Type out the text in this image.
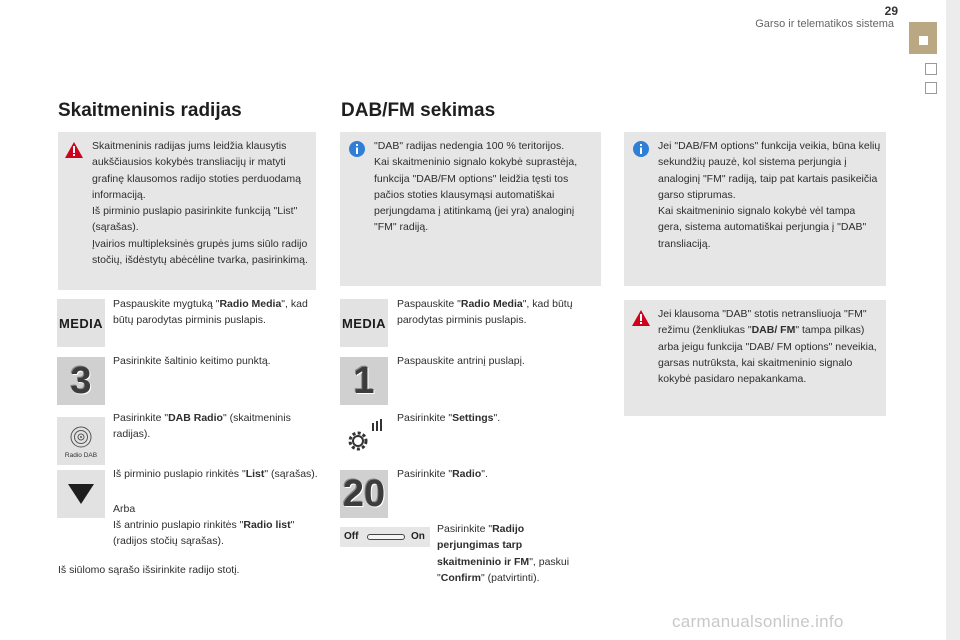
29
Garso ir telematikos sistema
Skaitmeninis radijas
Skaitmeninis radijas jums leidžia klausytis aukščiausios kokybės transliacijų ir matyti grafinę klausomos radijo stoties perduodamą informaciją.
Iš pirminio puslapio pasirinkite funkciją "List" (sąrašas).
Įvairios multipleksinės grupės jums siūlo radijo stočių, išdėstytų abėcėline tvarka, pasirinkimą.
MEDIA
Paspauskite mygtuką "Radio Media", kad būtų parodytas pirminis puslapis.
3 Pasirinkite šaltinio keitimo punktą.
Radio DAB
Pasirinkite "DAB Radio" (skaitmeninis radijas).
Iš pirminio puslapio rinkitės "List" (sąrašas).
Arba
Iš antrinio puslapio rinkitės "Radio list" (radijos stočių sąrašas).
Iš siūlomo sąrašo išsirinkite radijo stotį.
DAB/FM sekimas
"DAB" radijas nedengia 100 % teritorijos.
Kai skaitmeninio signalo kokybė suprastėja, funkcija "DAB/FM options" leidžia tęsti tos pačios stoties klausymąsi automatiškai perjungdama į atitinkamą (jei yra) analoginį "FM" radiją.
MEDIA
Paspauskite "Radio Media", kad būtų parodytas pirminis puslapis.
1 Paspauskite antrinį puslapį.
Pasirinkite "Settings".
20 Pasirinkite "Radio".
Off	On
Pasirinkite "Radijo perjungimas tarp skaitmeninio ir FM", paskui "Confirm" (patvirtinti).
Jei "DAB/FM options" funkcija veikia, būna kelių sekundžių pauzė, kol sistema perjungia į analoginį "FM" radiją, taip pat kartais pasikeičia garso stiprumas.
Kai skaitmeninio signalo kokybė vėl tampa gera, sistema automatiškai perjungia į "DAB" transliaciją.
Jei klausoma "DAB" stotis netransliuoja "FM" režimu (ženkliukas "DAB/ FM" tampa pilkas) arba jeigu funkcija "DAB/ FM options" neveikia, garsas nutrūksta, kai skaitmeninio signalo kokybė pasidaro nepakankama.
carmanualsonline.info
